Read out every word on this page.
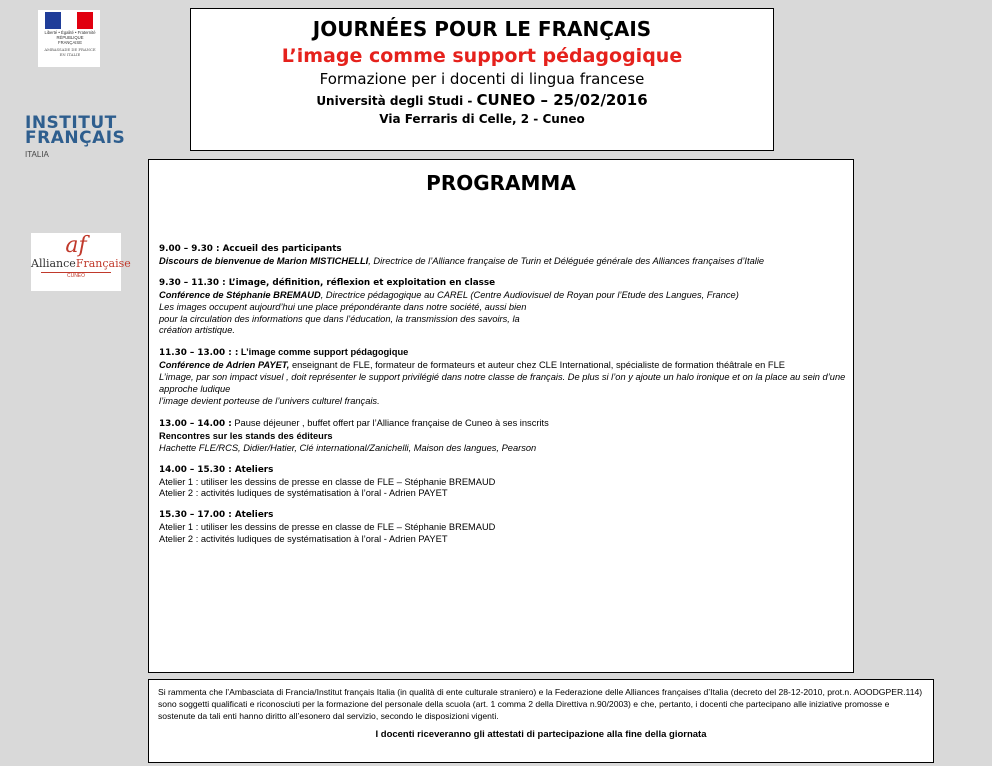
Liberté • Égalité • Fraternité
RÉPUBLIQUE FRANÇAISE
AMBASSADE DE FRANCE EN ITALIE
INSTITUT
FRANÇAIS
ITALIA
af
AllianceFrançaise
CUNEO
JOURNÉES POUR LE FRANÇAIS
L’image comme support pédagogique
Formazione per i docenti di lingua francese
Università degli Studi - CUNEO – 25/02/2016
Via Ferraris di Celle, 2 - Cuneo
PROGRAMMA
9.00 – 9.30 : Accueil des participants
Discours de bienvenue de Marion MISTICHELLI, Directrice de l’Alliance française de Turin et Déléguée générale des Alliances françaises d’Italie
9.30 – 11.30 : L’image, définition, réflexion et exploitation en classe
Conférence de Stéphanie BREMAUD, Directrice pédagogique au CAREL (Centre Audiovisuel de Royan pour l’Etude des Langues, France)
Les images occupent aujourd’hui une place prépondérante dans notre société, aussi bien
pour la circulation des informations que dans l’éducation, la transmission des savoirs, la
création artistique.
11.30 – 13.00 : : L’image comme support pédagogique
Conférence de Adrien PAYET, enseignant de FLE, formateur de formateurs et auteur chez CLE International, spécialiste de formation théâtrale en FLE
L’image, par son impact visuel , doit représenter le support privilégié dans notre classe de français. De plus si l’on y ajoute un halo ironique et on la place au sein d’une approche ludique
l’image devient porteuse de l’univers culturel français.
13.00 – 14.00 : Pause déjeuner , buffet offert par l’Alliance française de Cuneo à ses inscrits
Rencontres sur les stands des éditeurs
Hachette FLE/RCS, Didier/Hatier, Clé international/Zanichelli, Maison des langues, Pearson
14.00 – 15.30 : Ateliers
Atelier 1 : utiliser les dessins de presse en classe de FLE – Stéphanie BREMAUD
Atelier 2 : activités ludiques de systématisation à l’oral - Adrien PAYET
15.30 – 17.00 : Ateliers
Atelier 1 : utiliser les dessins de presse en classe de FLE – Stéphanie BREMAUD
Atelier 2 : activités ludiques de systématisation à l’oral - Adrien PAYET
Si rammenta che l’Ambasciata di Francia/Institut français Italia (in qualità di ente culturale straniero) e la Federazione delle Alliances françaises d’Italia (decreto del 28-12-2010, prot.n. AOODGPER.114) sono soggetti qualificati e riconosciuti per la formazione del personale della scuola (art. 1 comma 2 della Direttiva n.90/2003) e che, pertanto, i docenti che partecipano alle iniziative promosse e sostenute da tali enti hanno diritto all’esonero dal servizio, secondo le disposizioni vigenti.
I docenti riceveranno gli attestati di partecipazione alla fine della giornata
